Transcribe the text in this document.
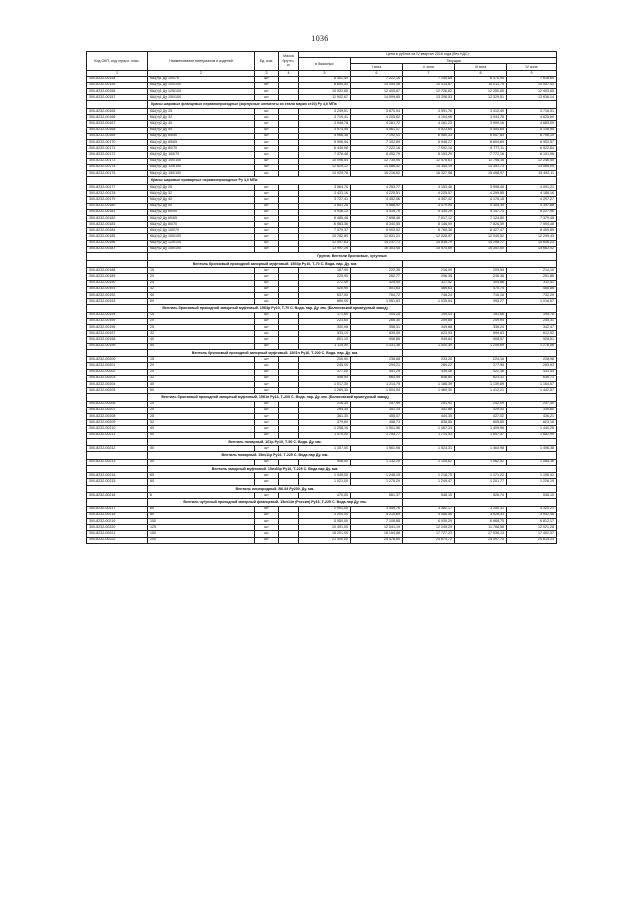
1036
Код ОКП, код отрасл. клас.	Наименование материалов и изделий	Ед. изм.	Масса брутто, кг	Цена в рублях на IV квартал 2016 года (без НДС)				
				в базисных	Текущая			
					I зона	II зона	III зона	IV зона
1	2	3	4	5	6	7	8	9
300-8232-00154	КШ(п)1 Ду 100/70	шт		6 361,40	7 222,16	7 149,68	6 470,95	7 618,69
300-8232-00155	КШ(п)1 Ду 100/100	шт		8 859,50	10 049,48	10 414,67	10 011,79	10 547,42
300-8232-00156	КШ(п)1 Ду 125/100	шт		10 932,65	12 405,87	12 726,82	12 250,65	12 493,65
300-8232-00157	КШ(п)1 Ду 150/100	шт		11 902,67	14 599,85	13 208,53	12 329,51	13 636,14
	Краны шаровые фланцевые неравнопроходные (корпусные элементы из стали марки ст20) Ру 4,0 МПа							
300-8232-00165	КШ(н)2 Ду 25	шт		3 249,51	3 670,04	3 591,76	3 412,40	3 716,51
300-8232-00166	КШ(н)2 Ду 32	шт		3 719,41	4 205,82	4 104,96	3 944,78	4 625,60
300-8232-00167	КШ(н)2 Ду 40	шт		3 948,78	4 261,72	4 161,23	3 999,16	4 683,09
300-8232-00168	КШ(н)2 Ду 50	шт		3 974,55	4 561,47	4 523,64	4 454,65	5 138,95
300-8232-00169	КШ(н)2 Ду 65/50	шт		5 966,38	7 192,41	6 980,33	6 647,84	6 796,19
300-8232-00170	КШ(н)2 Ду 65/65	шт		5 956,94	7 102,69	6 948,27	6 604,69	6 902,57
300-8232-00171	КШ(н)2 Ду 80/70	шт		6 440,98	7 222,16	7 092,14	6 777,11	6 922,84
300-8232-00172	КШ(н)2 Ду 100/70	шт		7 376,48	8 452,79	8 153,29	7 772,16	8 101,96
300-8232-00173	КШ(н)2 Ду 100/100	шт		10 096,54	12 735,94	12 475,61	11 798,16	12 246,40
300-8232-00174	КШ(н)2 Ду 125/100	шт		12 620,12	14 086,42	14 345,19	13 351,73	13 066,04
300-8232-00175	КШ(н)2 Ду 150/100	шт		13 929,78	16 216,62	16 327,58	15 498,97	15 492,11
	Краны шаровые приварные неравнопроходные Ру 4,0 МПа							
300-8232-00177	КШ(п)2 Ду 25	шт		3 564,76	4 253,77	4 153,48	3 998,46	4 091,21
300-8232-00178	КШ(п)2 Ду 32	шт		3 423,16	4 225,51	4 225,57	4 299,85	4 186,16
300-8232-00179	КШ(п)2 Ду 40	шт		3 727,41	4 452,56	4 347,42	4 178,15	4 297,27
300-8232-00180	КШ(п)2 Ду 50	шт		3 841,26	4 588,92	4 479,95	4 305,39	4 397,88
300-8232-00181	КШ(п)2 Ду 65/50	шт		4 936,13	5 435,79	5 335,29	5 147,74	5 227,96
300-8232-00182	КШ(п)2 Ду 65/65	шт		6 485,46	7 698,46	7 517,12	7 124,80	7 379,46
300-8232-00183	КШ(п)2 Ду 80/70	шт		6 983,36	8 340,55	8 146,09	7 826,59	7 994,48
300-8232-00184	КШ(п)2 Ду 100/70	шт		7 379,37	8 903,52	8 769,36	8 427,47	8 409,89
300-8232-00185	КШ(п)2 Ду 100/100	шт		10 782,80	12 831,21	12 528,97	12 040,52	12 299,43
300-8232-00186	КШ(п)2 Ду 125/100	шт		12 597,63	15 237,71	14 838,79	14 298,77	14 606,23
300-8232-00187	КШ(п)2 Ду 150/100	шт		13 997,29	16 303,45	15 974,69	15 351,00	15 682,02
	Группа: Вентили бронзовые, чугунные							
	Вентиль бронзовый проходной запорный муфтовый. 15б3р Ру10, Т-70 С. Вода. пар. Ду. мм.							
300-8232-00188	15	шт		187,90	222,35	218,09	209,55	214,10
300-8232-00189	20	шт		220,90	262,77	256,38	246,38	251,88
300-8232-00190	25	шт		272,40	325,40	317,52	304,86	311,41
300-8232-00191	32	шт		420,90	501,63	489,63	470,74	480,86
300-8232-00192	40	шт		637,00	764,72	746,24	716,16	732,29
300-8232-00193	50	шт		880,00	1 061,63	1 035,64	995,27	1 016,67
	Вентиль бронзовый проходной запорный муфтовый. 15б3р Ру10, Т-70 С. Вода. пар. Ду. мм. (Бологовский арматурный завод)							
300-8232-00194	15	шт		171,60	204,24	199,43	191,66	195,78
300-8232-00195	20	шт		223,60	266,30	259,88	249,94	255,31
300-8232-00196	25	шт		300,06	358,31	349,88	336,24	342,47
300-8232-00197	32	шт		533,10	639,09	623,93	599,63	612,52
300-8232-00198	40	шт		801,10	958,86	945,84	908,97	928,51
300-8232-00199	50	шт		1 119,00	1 331,36	1 300,39	1 249,69	1 276,56
	Вентиль бронзовый проходной запорный муфтовый. 15б1п Ру16, Т-200 С. Вода. пар. Ду. мм.							
300-8232-00200	15	шт		200,00	238,68	233,25	224,16	228,98
300-8232-00201	20	шт		245,00	294,21	289,22	277,95	283,93
300-8232-00202	25	шт		377,00	451,29	439,48	422,36	431,43
300-8232-00203	32	шт		556,00	664,49	648,60	623,31	636,71
300-8232-00204	40	шт		1 017,30	1 214,79	1 186,39	1 139,89	1 164,67
300-8232-00205	50	шт		1 269,30	1 504,94	1 469,30	1 412,21	1 442,57
	Вентиль бронзовый проходной запорный муфтовый. 15б1п Ру16, Т-200 С. Вода. пар. Ду. мм. (Бологовский арматурный завод)							
300-8232-00206	15	шт		216,30	257,99	251,91	242,09	247,30
300-8232-00207	20	шт		294,30	351,15	342,88	329,53	336,60
300-8232-00208	25	шт		381,30	455,07	444,35	427,02	436,21
300-8232-00209	32	шт		379,60	458,73	838,55	805,85	823,18
300-8232-00210	40	шт		1 258,10	1 501,56	1 467,24	1 409,96	1 440,28
300-8232-00211	50	шт		1 470,00	1 755,77	1 714,43	1 647,57	1 682,99
	Вентиль пожарный. 1б1р Ру10, Т-50 С. Вода. Ду. мм.							
300-8232-00212	50	шт		1 307,00	1 561,98	1 524,31	1 464,98	1 496,38
	Вентиль пожарный. 15кч11р Ру16, Т-225 С. Вода пар Ду. мм.							
300-8232-00213	50	шт		948,00	1 132,29	1 105,62	1 062,52	1 085,36
	Вентиль запорный муфтовый. 15кч33р Ру10, Т-225 С. Вода пар Ду. мм.							
300-8232-00214	65	шт		1 045,00	1 248,15	1 218,75	1 171,22	1 196,42
300-8232-00215	80	шт		1 021,00	1 275,29	1 249,47	1 201,77	1 226,19
	Вентиль кислородный. ВК-94 Ру200. Ду. мм.							
300-8232-00216	6	шт		470,00	561,37	548,15	526,74	538,10
	Вентиль чугунный проходной запорный фланцевый. 15кч14п (Россия) Ру16, Т-225 С. Вода пар Ду. мм.							
300-8232-00217	65	шт		2 901,00	3 455,76	3 382,17	3 250,31	3 320,21
300-8232-00218	80	шт		3 200,00	4 210,89	4 066,58	3 928,33	3 952,48
300-8232-00219	100	шт		5 950,00	7 108,88	6 939,29	6 668,75	6 812,17
300-8232-00220	125	шт		10 491,00	12 541,19	12 245,29	11 768,58	12 021,28
300-8232-00221	150	шт		15 201,00	18 154,88	17 727,23	17 036,13	17 402,37
300-8232-00222	200	шт		21 300,00	25 478,60	24 874,72	24 097,75	24 615,23
